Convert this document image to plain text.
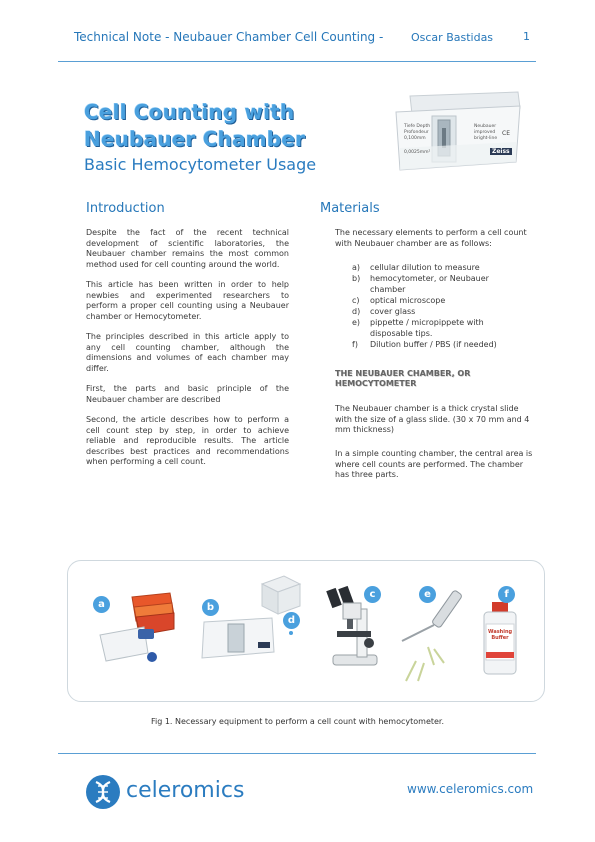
Technical Note - Neubauer Chamber Cell Counting -	Oscar Bastidas	1
Cell Counting with
Neubauer Chamber
Basic Hemocytometer Usage
Tiefe Depth
Profondeur
0,100mm
0,0025mm²
Neubauer
improved
bright-line
CE
Zeiss
Introduction

Despite the fact of the recent technical development of scientific laboratories, the Neubauer chamber remains the most common method used for cell counting around the world.

This article has been written in order to help newbies and experimented researchers to perform a proper cell counting using a Neubauer chamber or Hemocytometer.

The principles described in this article apply to any cell counting chamber, although the dimensions and volumes of each chamber may differ.

First, the parts and basic principle of the Neubauer chamber are described

Second, the article describes how to perform a cell count step by step, in order to achieve reliable and reproducible results. The article describes best practices and recommendations when performing a cell count.

Materials
The necessary elements to perform a cell count with Neubauer chamber are as follows:
a)	cellular dilution to measure
b)	hemocytometer, or Neubauer chamber
c)	optical microscope
d)	cover glass
e)	pippette / micropippete with disposable tips.
f)	Dilution buffer / PBS (if needed)
THE NEUBAUER CHAMBER, OR
HEMOCYTOMETER
The Neubauer chamber is a thick crystal slide with the size of a glass slide. (30 x 70 mm and 4 mm thickness)
In a simple counting chamber, the central area is where cell counts are performed. The chamber has three parts.
a	b
d
c	e
Washing
Buffer
f
Fig 1. Necessary equipment to perform a cell count with hemocytometer.
celeromics	www.celeromics.com
